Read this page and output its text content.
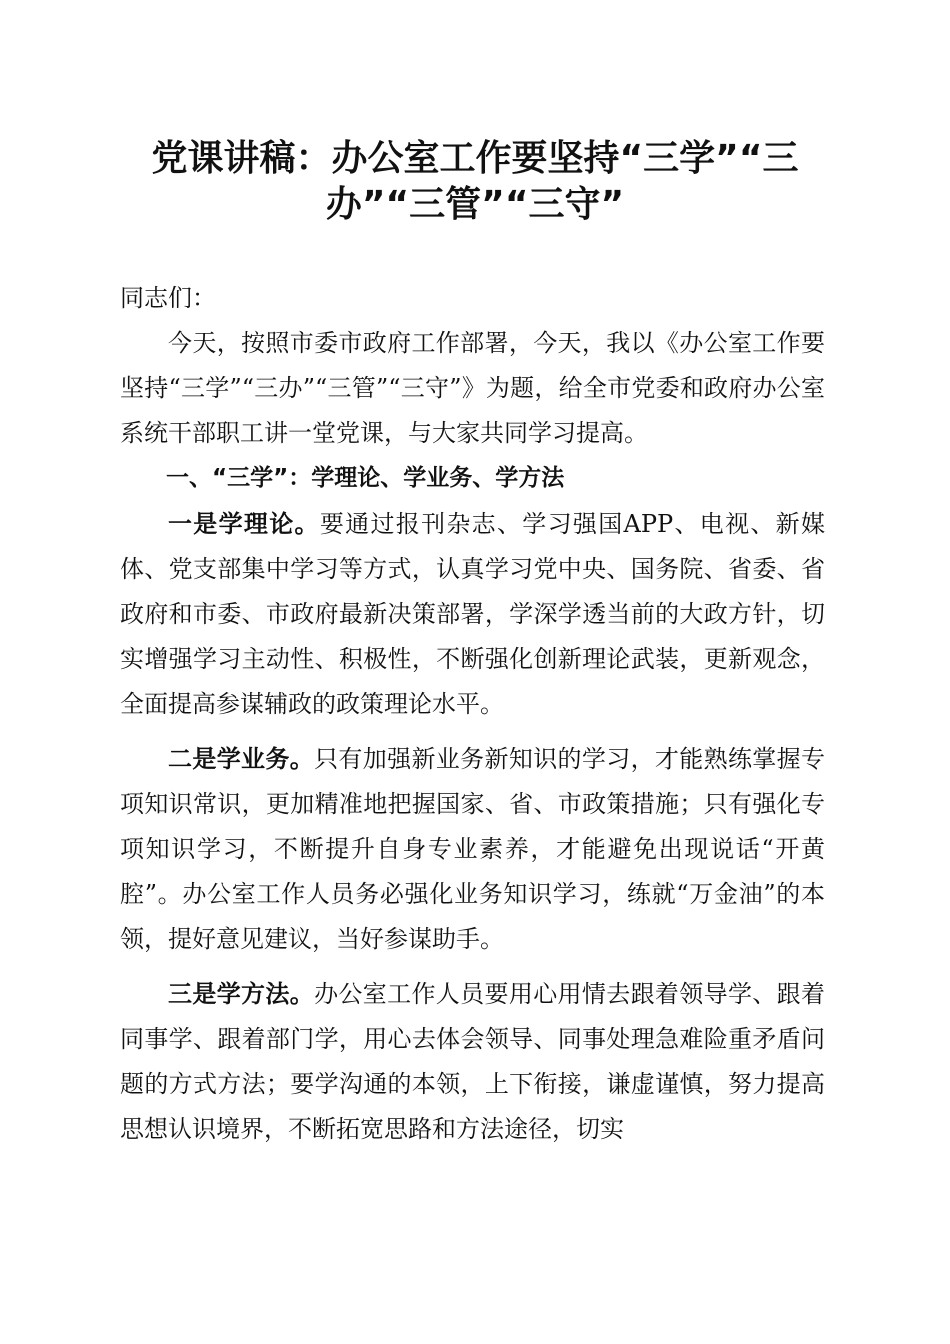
党课讲稿：办公室工作要坚持“三学”“三
办”“三管”“三守”

同志们：

今天，按照市委市政府工作部署，今天，我以《办公室工作要坚持“三学”“三办”“三管”“三守”》为题，给全市党委和政府办公室系统干部职工讲一堂党课，与大家共同学习提高。

一、“三学”：学理论、学业务、学方法

一是学理论。要通过报刊杂志、学习强国APP、电视、新媒体、党支部集中学习等方式，认真学习党中央、国务院、省委、省政府和市委、市政府最新决策部署，学深学透当前的大政方针，切实增强学习主动性、积极性，不断强化创新理论武装，更新观念，全面提高参谋辅政的政策理论水平。

二是学业务。只有加强新业务新知识的学习，才能熟练掌握专项知识常识，更加精准地把握国家、省、市政策措施；只有强化专项知识学习，不断提升自身专业素养，才能避免出现说话“开黄腔”。办公室工作人员务必强化业务知识学习，练就“万金油”的本领，提好意见建议，当好参谋助手。

三是学方法。办公室工作人员要用心用情去跟着领导学、跟着同事学、跟着部门学，用心去体会领导、同事处理急难险重矛盾问题的方式方法；要学沟通的本领，上下衔接，谦虚谨慎，努力提高思想认识境界，不断拓宽思路和方法途径，切实
